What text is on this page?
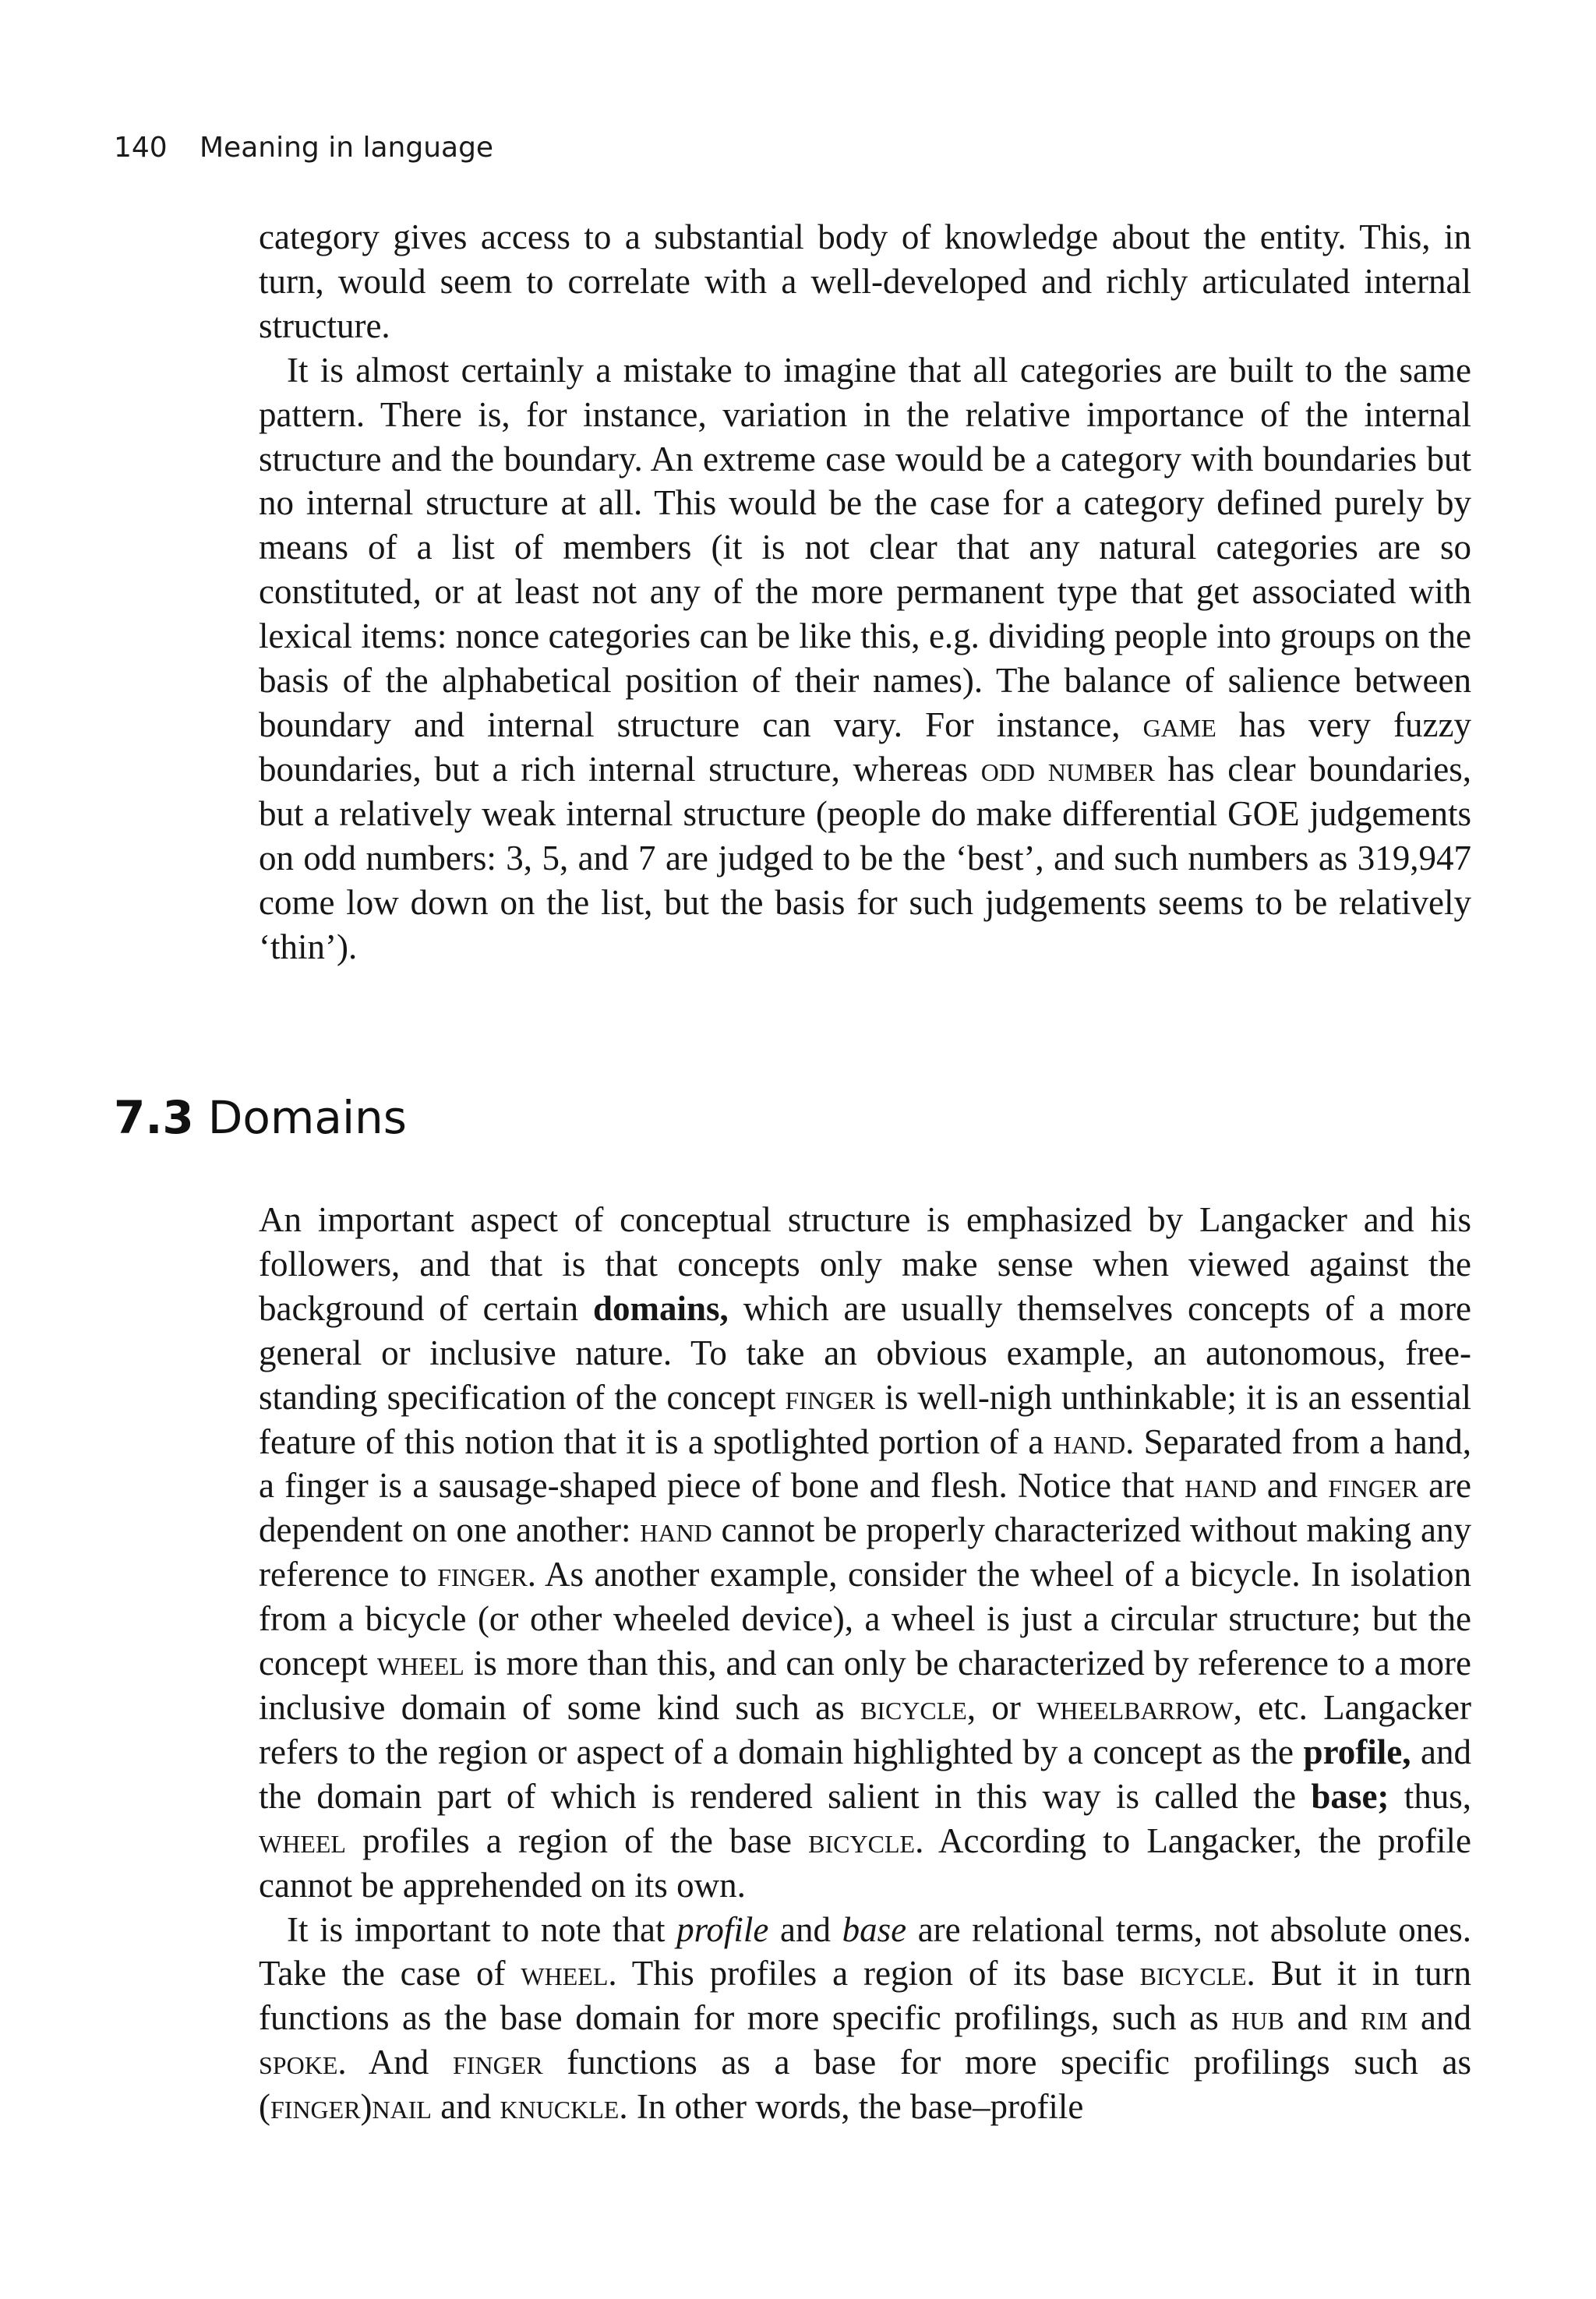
140 Meaning in language

category gives access to a substantial body of knowledge about the entity. This, in turn, would seem to correlate with a well-developed and richly articulated internal structure.

It is almost certainly a mistake to imagine that all categories are built to the same pattern. There is, for instance, variation in the relative importance of the internal structure and the boundary. An extreme case would be a category with boundaries but no internal structure at all. This would be the case for a category defined purely by means of a list of members (it is not clear that any natural categories are so constituted, or at least not any of the more permanent type that get associated with lexical items: nonce categories can be like this, e.g. dividing people into groups on the basis of the alphabetical position of their names). The balance of salience between boundary and internal structure can vary. For instance, game has very fuzzy boundaries, but a rich internal structure, whereas odd number has clear boundaries, but a relatively weak internal structure (people do make differential GOE judgements on odd numbers: 3, 5, and 7 are judged to be the ‘best’, and such numbers as 319,947 come low down on the list, but the basis for such judgements seems to be relatively ‘thin’).

7.3 Domains

An important aspect of conceptual structure is emphasized by Langacker and his followers, and that is that concepts only make sense when viewed against the background of certain domains, which are usually themselves concepts of a more general or inclusive nature. To take an obvious example, an autonomous, free-standing specification of the concept finger is well-nigh unthinkable; it is an essential feature of this notion that it is a spotlighted portion of a hand. Separated from a hand, a finger is a sausage-shaped piece of bone and flesh. Notice that hand and finger are dependent on one another: hand cannot be properly characterized without making any reference to finger. As another example, consider the wheel of a bicycle. In isolation from a bicycle (or other wheeled device), a wheel is just a circular structure; but the concept wheel is more than this, and can only be characterized by reference to a more inclusive domain of some kind such as bicycle, or wheelbarrow, etc. Langacker refers to the region or aspect of a domain highlighted by a concept as the profile, and the domain part of which is rendered salient in this way is called the base; thus, wheel profiles a region of the base bicycle. According to Langacker, the profile cannot be apprehended on its own.

It is important to note that profile and base are relational terms, not absolute ones. Take the case of wheel. This profiles a region of its base bicycle. But it in turn functions as the base domain for more specific profilings, such as hub and rim and spoke. And finger functions as a base for more specific profilings such as (finger)nail and knuckle. In other words, the base–profile
